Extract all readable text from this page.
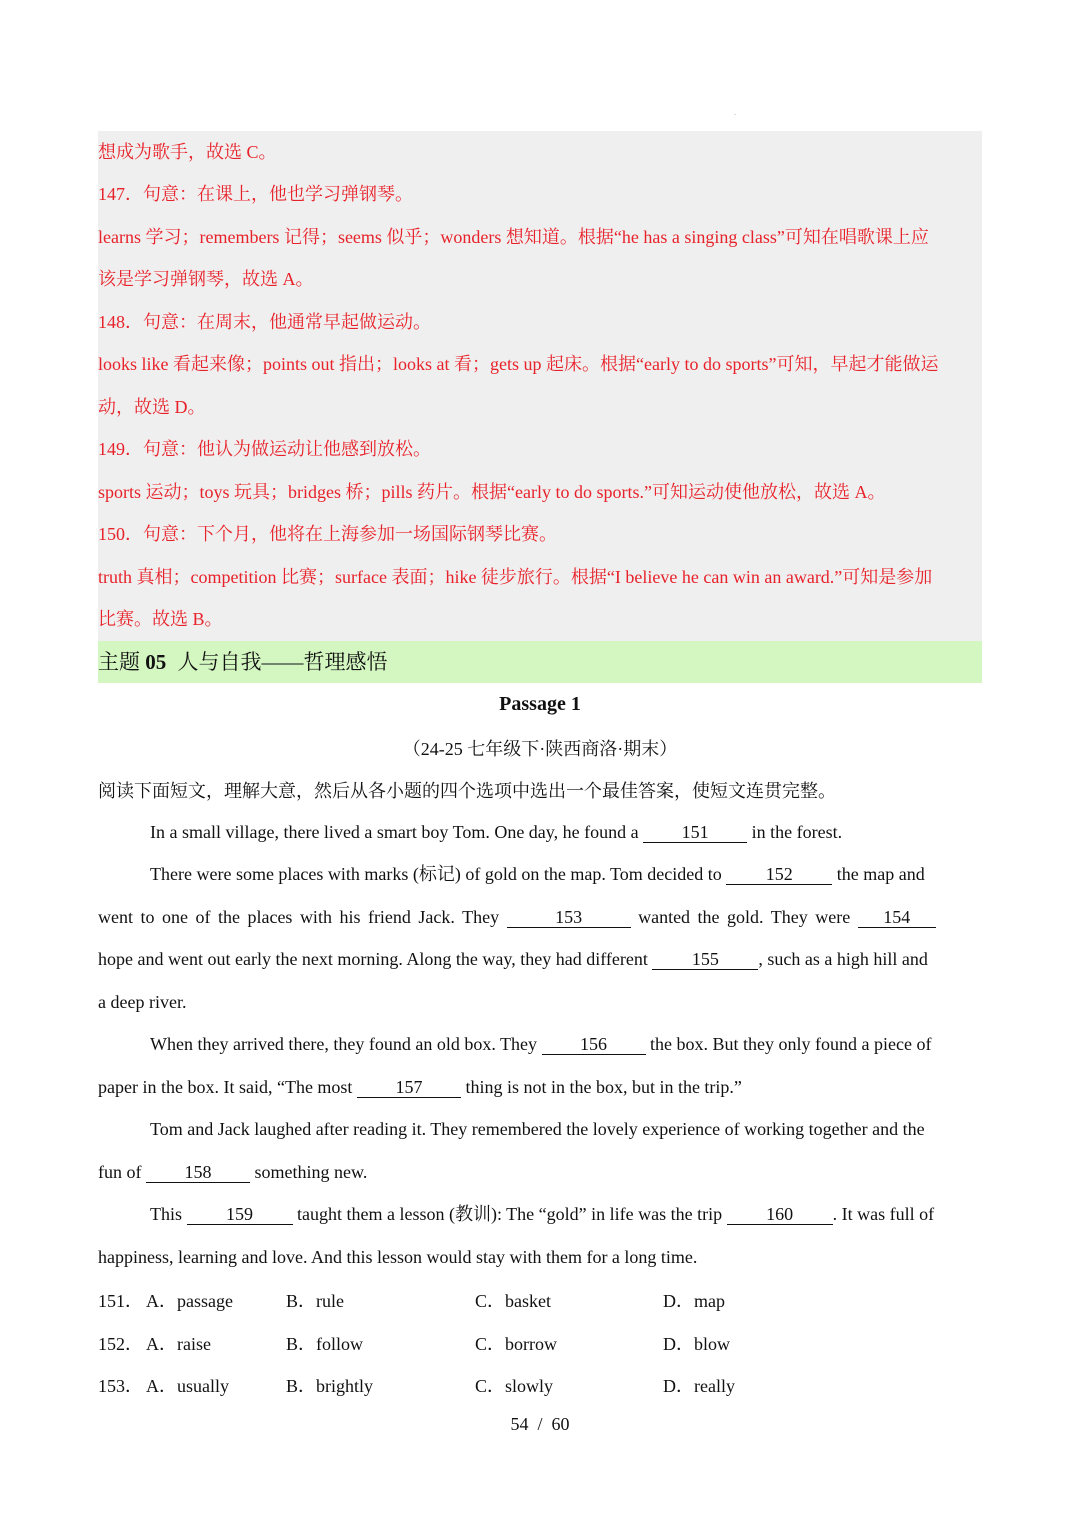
.
想成为歌手，故选 C。
147．句意：在课上，他也学习弹钢琴。
learns 学习；remembers 记得；seems 似乎；wonders 想知道。根据“he has a singing class”可知在唱歌课上应
该是学习弹钢琴，故选 A。
148．句意：在周末，他通常早起做运动。
looks like 看起来像；points out 指出；looks at 看；gets up 起床。根据“early to do sports”可知，早起才能做运
动，故选 D。
149．句意：他认为做运动让他感到放松。
sports 运动；toys 玩具；bridges 桥；pills 药片。根据“early to do sports.”可知运动使他放松，故选 A。
150．句意：下个月，他将在上海参加一场国际钢琴比赛。
truth 真相；competition 比赛；surface 表面；hike 徒步旅行。根据“I believe he can win an award.”可知是参加
比赛。故选 B。
主题 05 人与自我——哲理感悟
Passage 1
（24-25 七年级下·陕西商洛·期末）
阅读下面短文，理解大意，然后从各小题的四个选项中选出一个最佳答案，使短文连贯完整。
In a small village, there lived a smart boy Tom. One day, he found a 151 in the forest.
There were some places with marks (标记) of gold on the map. Tom decided to 152 the map and
went to one of the places with his friend Jack. They	153	wanted the gold. They were 154
hope and went out early the next morning. Along the way, they had different 155 , such as a high hill and
a deep river.
When they arrived there, they found an old box. They 156 the box. But they only found a piece of
paper in the box. It said, “The most 157 thing is not in the box, but in the trip.”
Tom and Jack laughed after reading it. They remembered the lovely experience of working together and the
fun of 158 something new.
This 159 taught them a lesson (教训): The “gold” in life was the trip 160 . It was full of
happiness, learning and love. And this lesson would stay with them for a long time.
151． A．passage	B．rule	C．basket	D．map
152． A．raise	B．follow	C．borrow	D．blow
153． A．usually	B．brightly	C．slowly	D．really
54 / 60
